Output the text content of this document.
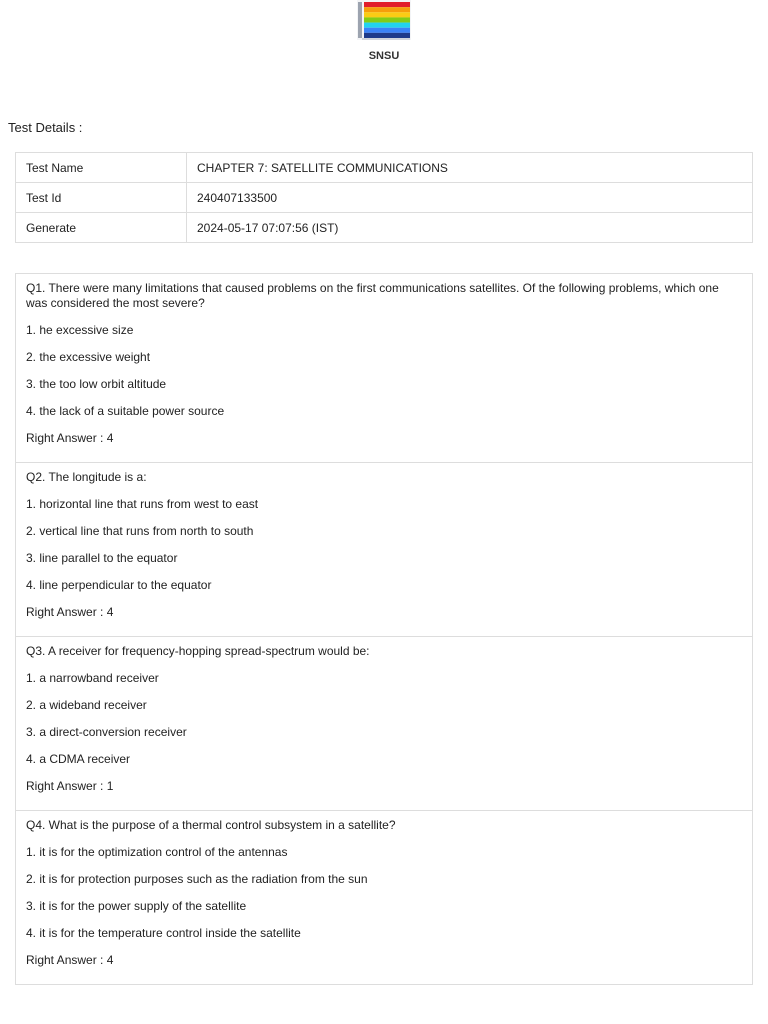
SNSU
Test Details :
Test Name	CHAPTER 7: SATELLITE COMMUNICATIONS
Test Id	240407133500
Generate	2024-05-17 07:07:56 (IST)
Q1. There were many limitations that caused problems on the first communications satellites. Of the following problems, which one was considered the most severe?
1. he excessive size
2. the excessive weight
3. the too low orbit altitude
4. the lack of a suitable power source
Right Answer : 4
Q2. The longitude is a:
1. horizontal line that runs from west to east
2. vertical line that runs from north to south
3. line parallel to the equator
4. line perpendicular to the equator
Right Answer : 4
Q3. A receiver for frequency-hopping spread-spectrum would be:
1. a narrowband receiver
2. a wideband receiver
3. a direct-conversion receiver
4. a CDMA receiver
Right Answer : 1
Q4. What is the purpose of a thermal control subsystem in a satellite?
1. it is for the optimization control of the antennas
2. it is for protection purposes such as the radiation from the sun
3. it is for the power supply of the satellite
4. it is for the temperature control inside the satellite
Right Answer : 4
